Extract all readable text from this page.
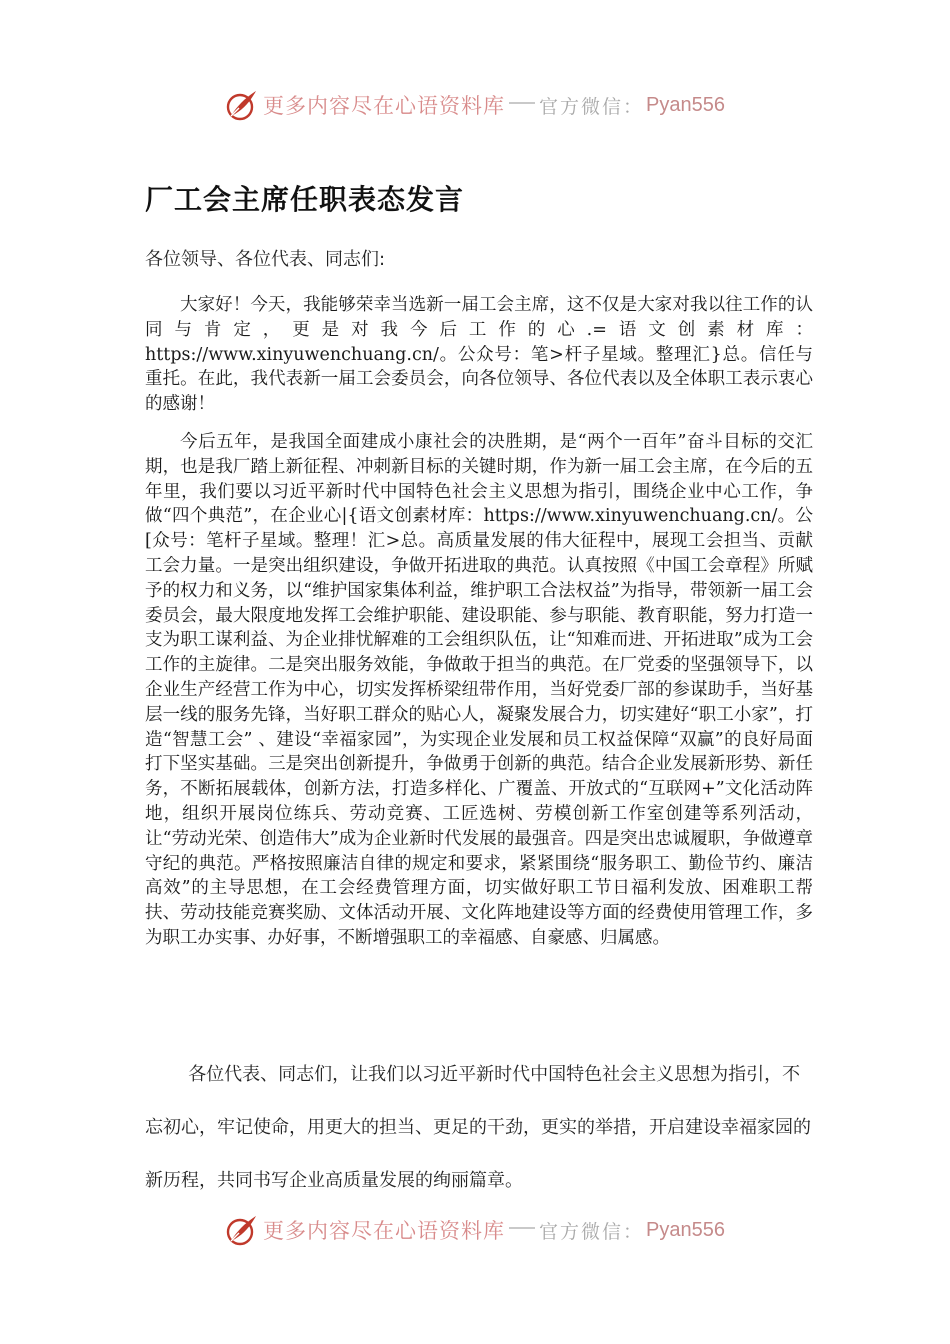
更多内容尽在心语资料库 官方微信： Pyan556
厂工会主席任职表态发言
各位领导、各位代表、同志们:

大家好！今天，我能够荣幸当选新一届工会主席，这不仅是大家对我以往工作的认同与肯定，更是对我今后工作的心.=语文创素材库：https://www.xinyuwenchuang.cn/。公众号：笔>杆子星域。整理汇}总。信任与重托。在此，我代表新一届工会委员会，向各位领导、各位代表以及全体职工表示衷心的感谢！

今后五年，是我国全面建成小康社会的决胜期，是“两个一百年”奋斗目标的交汇期，也是我厂踏上新征程、冲刺新目标的关键时期，作为新一届工会主席，在今后的五年里，我们要以习近平新时代中国特色社会主义思想为指引，围绕企业中心工作，争做“四个典范”，在企业心|{语文创素材库：https://www.xinyuwenchuang.cn/。公[众号：笔杆子星域。整理！汇>总。高质量发展的伟大征程中，展现工会担当、贡献工会力量。一是突出组织建设，争做开拓进取的典范。认真按照《中国工会章程》所赋予的权力和义务，以“维护国家集体利益，维护职工合法权益”为指导，带领新一届工会委员会，最大限度地发挥工会维护职能、建设职能、参与职能、教育职能，努力打造一支为职工谋利益、为企业排忧解难的工会组织队伍，让“知难而进、开拓进取”成为工会工作的主旋律。二是突出服务效能，争做敢于担当的典范。在厂党委的坚强领导下，以企业生产经营工作为中心，切实发挥桥梁纽带作用，当好党委厂部的参谋助手，当好基层一线的服务先锋，当好职工群众的贴心人，凝聚发展合力，切实建好“职工小家”，打造“智慧工会” 、建设“幸福家园”，为实现企业发展和员工权益保障“双赢”的良好局面打下坚实基础。三是突出创新提升，争做勇于创新的典范。结合企业发展新形势、新任务，不断拓展载体，创新方法，打造多样化、广覆盖、开放式的“互联网+”文化活动阵地，组织开展岗位练兵、劳动竞赛、工匠选树、劳模创新工作室创建等系列活动，让“劳动光荣、创造伟大”成为企业新时代发展的最强音。四是突出忠诚履职，争做遵章守纪的典范。严格按照廉洁自律的规定和要求，紧紧围绕“服务职工、勤俭节约、廉洁高效”的主导思想，在工会经费管理方面，切实做好职工节日福利发放、困难职工帮扶、劳动技能竞赛奖励、文体活动开展、文化阵地建设等方面的经费使用管理工作，多为职工办实事、办好事，不断增强职工的幸福感、自豪感、归属感。

各位代表、同志们，让我们以习近平新时代中国特色社会主义思想为指引，不忘初心，牢记使命，用更大的担当、更足的干劲，更实的举措，开启建设幸福家园的新历程，共同书写企业高质量发展的绚丽篇章。

更多内容尽在心语资料库 官方微信： Pyan556
